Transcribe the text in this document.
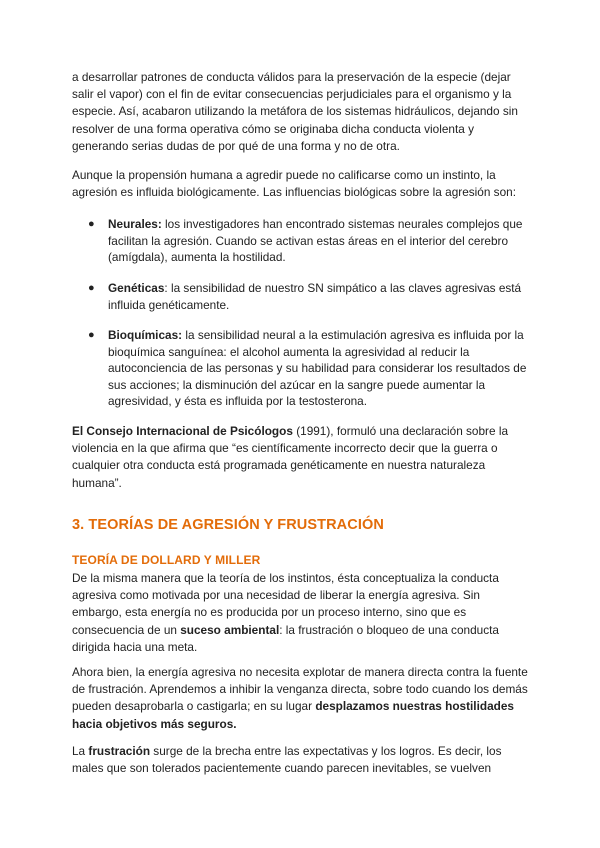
a desarrollar patrones de conducta válidos para la preservación de la especie (dejar salir el vapor) con el fin de evitar consecuencias perjudiciales para el organismo y la especie. Así, acabaron utilizando la metáfora de los sistemas hidráulicos, dejando sin resolver de una forma operativa cómo se originaba dicha conducta violenta y generando serias dudas de por qué de una forma y no de otra.

Aunque la propensión humana a agredir puede no calificarse como un instinto, la agresión es influida biológicamente. Las influencias biológicas sobre la agresión son:

● Neurales: los investigadores han encontrado sistemas neurales complejos que facilitan la agresión. Cuando se activan estas áreas en el interior del cerebro (amígdala), aumenta la hostilidad.
● Genéticas: la sensibilidad de nuestro SN simpático a las claves agresivas está influida genéticamente.
● Bioquímicas: la sensibilidad neural a la estimulación agresiva es influida por la bioquímica sanguínea: el alcohol aumenta la agresividad al reducir la autoconciencia de las personas y su habilidad para considerar los resultados de sus acciones; la disminución del azúcar en la sangre puede aumentar la agresividad, y ésta es influida por la testosterona.

El Consejo Internacional de Psicólogos (1991), formuló una declaración sobre la violencia en la que afirma que “es científicamente incorrecto decir que la guerra o cualquier otra conducta está programada genéticamente en nuestra naturaleza humana”.

3. TEORÍAS DE AGRESIÓN Y FRUSTRACIÓN
TEORÍA DE DOLLARD Y MILLER

De la misma manera que la teoría de los instintos, ésta conceptualiza la conducta agresiva como motivada por una necesidad de liberar la energía agresiva. Sin embargo, esta energía no es producida por un proceso interno, sino que es consecuencia de un suceso ambiental: la frustración o bloqueo de una conducta dirigida hacia una meta.

Ahora bien, la energía agresiva no necesita explotar de manera directa contra la fuente de frustración. Aprendemos a inhibir la venganza directa, sobre todo cuando los demás pueden desaprobarla o castigarla; en su lugar desplazamos nuestras hostilidades hacia objetivos más seguros.

La frustración surge de la brecha entre las expectativas y los logros. Es decir, los males que son tolerados pacientemente cuando parecen inevitables, se vuelven
